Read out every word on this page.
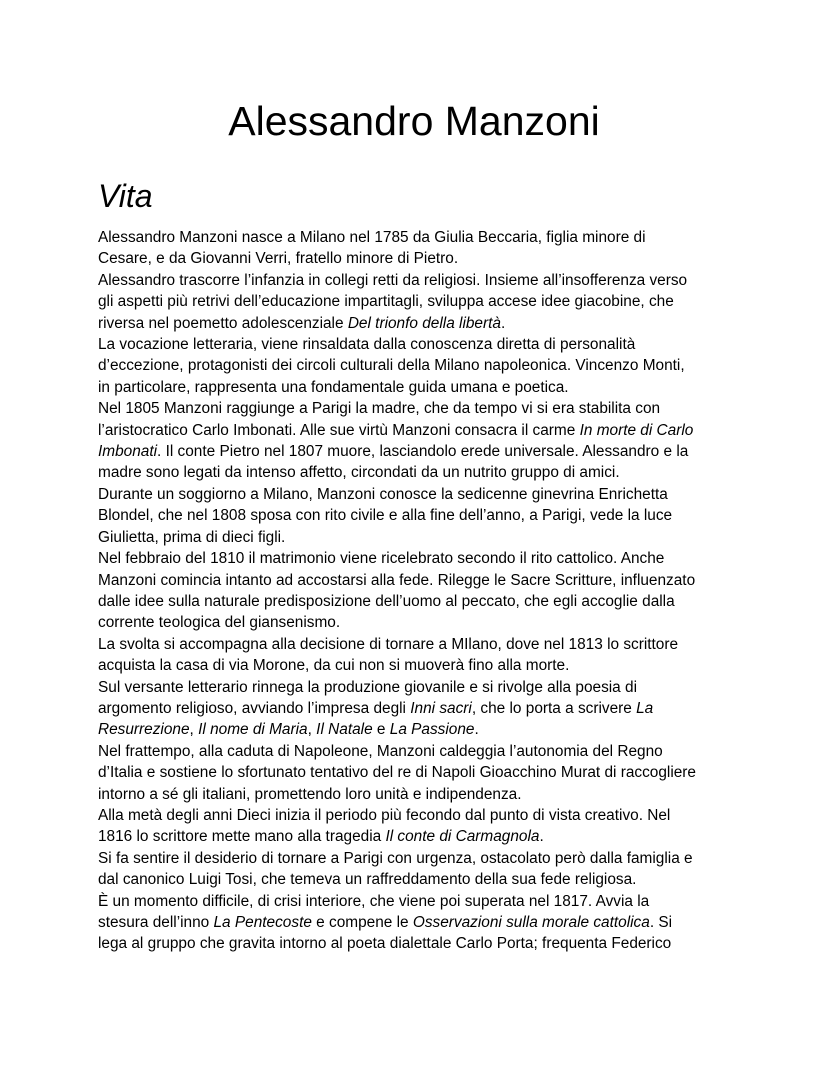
Alessandro Manzoni
Vita
Alessandro Manzoni nasce a Milano nel 1785 da Giulia Beccaria, figlia minore di
Cesare, e da Giovanni Verri, fratello minore di Pietro.
Alessandro trascorre l’infanzia in collegi retti da religiosi. Insieme all’insofferenza verso
gli aspetti più retrivi dell’educazione impartitagli, sviluppa accese idee giacobine, che
riversa nel poemetto adolescenziale Del trionfo della libertà.
La vocazione letteraria, viene rinsaldata dalla conoscenza diretta di personalità
d’eccezione, protagonisti dei circoli culturali della Milano napoleonica. Vincenzo Monti,
in particolare, rappresenta una fondamentale guida umana e poetica.
Nel 1805 Manzoni raggiunge a Parigi la madre, che da tempo vi si era stabilita con
l’aristocratico Carlo Imbonati. Alle sue virtù Manzoni consacra il carme In morte di Carlo
Imbonati. Il conte Pietro nel 1807 muore, lasciandolo erede universale. Alessandro e la
madre sono legati da intenso affetto, circondati da un nutrito gruppo di amici.
Durante un soggiorno a Milano, Manzoni conosce la sedicenne ginevrina Enrichetta
Blondel, che nel 1808 sposa con rito civile e alla fine dell’anno, a Parigi, vede la luce
Giulietta, prima di dieci figli.
Nel febbraio del 1810 il matrimonio viene ricelebrato secondo il rito cattolico. Anche
Manzoni comincia intanto ad accostarsi alla fede. Rilegge le Sacre Scritture, influenzato
dalle idee sulla naturale predisposizione dell’uomo al peccato, che egli accoglie dalla
corrente teologica del giansenismo.
La svolta si accompagna alla decisione di tornare a MIlano, dove nel 1813 lo scrittore
acquista la casa di via Morone, da cui non si muoverà fino alla morte.
Sul versante letterario rinnega la produzione giovanile e si rivolge alla poesia di
argomento religioso, avviando l’impresa degli Inni sacri, che lo porta a scrivere La
Resurrezione, Il nome di Maria, Il Natale e La Passione.
Nel frattempo, alla caduta di Napoleone, Manzoni caldeggia l’autonomia del Regno
d’Italia e sostiene lo sfortunato tentativo del re di Napoli Gioacchino Murat di raccogliere
intorno a sé gli italiani, promettendo loro unità e indipendenza.
Alla metà degli anni Dieci inizia il periodo più fecondo dal punto di vista creativo. Nel
1816 lo scrittore mette mano alla tragedia Il conte di Carmagnola.
Si fa sentire il desiderio di tornare a Parigi con urgenza, ostacolato però dalla famiglia e
dal canonico Luigi Tosi, che temeva un raffreddamento della sua fede religiosa.
È un momento difficile, di crisi interiore, che viene poi superata nel 1817. Avvia la
stesura dell’inno La Pentecoste e compene le Osservazioni sulla morale cattolica. Si
lega al gruppo che gravita intorno al poeta dialettale Carlo Porta; frequenta Federico
